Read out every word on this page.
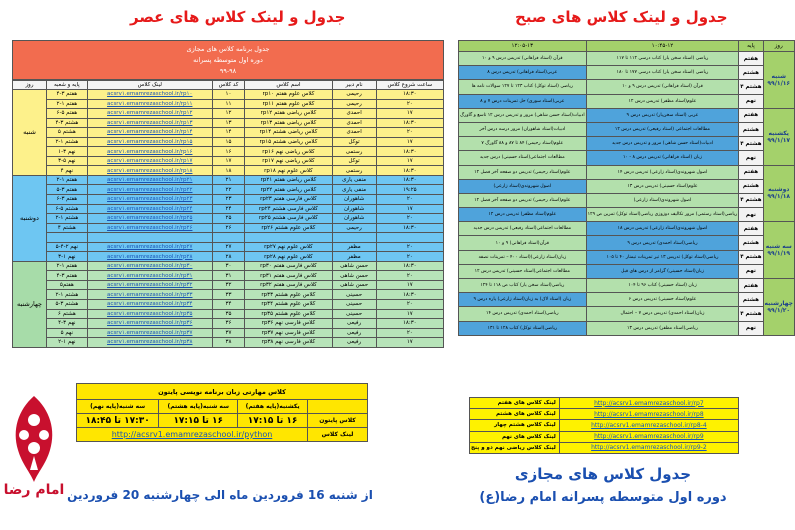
جدول و لینک کلاس های عصر	جدول و لینک کلاس های صبح
جدول برنامه کلاس های مجازی
دوره اول متوسطه پسرانه
۹۹-۹۸
ساعت شروع کلاس	نام دبیر	اسم کلاس	کد کلاس	لینک کلاس	پایه و شعبه	روز
۱۸:۳۰	رحیمی	کلاس علوم هفتم rp۱۰	۱۰	acsrv۱.emamrezaschool.ir/rp۱۰	هفتم ۳-۴	شنبه
۲۰	رحیمی	کلاس علوم هفتم rp۱۱	۱۱	acsrv۱.emamrezaschool.ir/rp۱۱	هفتم ۱-۲	
۱۷	احمدی	کلاس ریاضی هفتم rp۱۲	۱۲	acsrv۱.emamrezaschool.ir/rp۱۲	هفتم ۵-۶	
۱۸:۳۰	احمدی	کلاس ریاضی هفتم rp۱۳	۱۳	acsrv۱.emamrezaschool.ir/rp۱۳	هشتم ۳-۴	
۲۰	احمدی	کلاس ریاضی هشتم rp۱۴	۱۴	acsrv۱.emamrezaschool.ir/rp۱۴	هشتم ۵	
۱۷	توکل	کلاس ریاضی هشتم rp۱۵	۱۵	acsrv۱.emamrezaschool.ir/rp۱۵	هشتم ۱-۲	
۱۸:۳۰	رستمی	کلاس ریاضی نهم rp۱۶	۱۶	acsrv۱.emamrezaschool.ir/rp۱۶	نهم ۳-۱	
۱۷	توکل	کلاس ریاضی نهم rp۱۷	۱۷	acsrv۱.emamrezaschool.ir/rp۱۷	نهم ۵-۳	
۱۸:۳۰	رستمی	کلاس علوم نهم rp۱۸	۱۸	acsrv۱.emamrezaschool.ir/rp۱۸	نهم ۴	
۱۸:۳۰	منفی یاری	کلاس ریاضی هفتم rp۲۱	۲۱	acsrv۱.emamrezaschool.ir/rp۲۱	هفتم ۱-۲	دوشنبه
۱۹:۲۵	منفی یاری	کلاس ریاضی هفتم rp۲۲	۲۲	acsrv۱.emamrezaschool.ir/rp۲۲	هفتم ۳-۵	
۲۰	شاهوران	کلاس فارسی هفتم rp۲۳	۲۳	acsrv۱.emamrezaschool.ir/rp۲۳	هفتم ۳-۶	
۱۷	شاهوران	کلاس فارسی هشتم rp۲۴	۲۴	acsrv۱.emamrezaschool.ir/rp۲۴	هشتم ۵-۶	
۲۰	شاهوران	کلاس فارسی هشتم rp۲۵	۲۵	acsrv۱.emamrezaschool.ir/rp۲۵	هشتم ۱-۲	
۱۸:۳۰	رحیمی	کلاس علوم هشتم rp۲۶	۲۶	acsrv۱.emamrezaschool.ir/rp۲۶	هشتم ۴	

۲۰	مظفر	کلاس علوم نهم rp۲۷	۲۷	acsrv۱.emamrezaschool.ir/rp۲۷	نهم ۲-۴-۵	
۲۰	مظفر	کلاس علوم نهم rp۲۸	۲۸	acsrv۱.emamrezaschool.ir/rp۲۸	نهم ۱-۳	
۱۸:۳۰	حسن شاهی	کلاس فارسی هفتم rp۳۰	۳۰	acsrv۱.emamrezaschool.ir/rp۳۰	هفتم ۱-۲	چهارشنبه
۲۰	حسن شاهی	کلاس فارسی هفتم rp۳۱	۳۱	acsrv۱.emamrezaschool.ir/rp۳۱	هفتم ۳-۴	
۱۷	حسن شاهی	کلاس فارسی هفتم rp۳۲	۳۲	acsrv۱.emamrezaschool.ir/rp۳۲	هفتم۵	
۱۸:۳۰	حسینی	کلاس علوم هشتم rp۳۳	۳۳	acsrv۱.emamrezaschool.ir/rp۳۳	هشتم ۱-۲	
۲۰	حسینی	کلاس علوم هشتم rp۳۴	۳۴	acsrv۱.emamrezaschool.ir/rp۳۴	هشتم ۳-۵	
۱۷	حسینی	کلاس علوم هشتم rp۳۵	۳۵	acsrv۱.emamrezaschool.ir/rp۳۵	هشتم ۶	
۱۸:۳۰	رفیعی	کلاس فارسی نهم rp۳۶	۳۶	acsrv۱.emamrezaschool.ir/rp۳۶	نهم ۳-۴	
۲۰	رفیعی	کلاس فارسی نهم rp۳۷	۳۷	acsrv۱.emamrezaschool.ir/rp۳۷	نهم ۵	
۱۷	رفیعی	کلاس فارسی نهم rp۳۸	۳۸	acsrv۱.emamrezaschool.ir/rp۳۸	نهم ۱-۲	
روز	پایه	۱۰:۴۵-۱۲	۱۲:۰۵-۱۳
شنبه ۹۹/۱/۱۶	هفتم	ریاضی (استاد سخن یار) کتاب درسی ۱۱۲ تا ۱۱۷	قرآن (استاد فراهانی) تدریس درس ۹ و ۱۰
	هشتم	ریاضی (استاد سخن یار) کتاب درسی ۱۷۷ تا ۱۸۰	عربی(استاد فراهانی) تدریس درس ۸
	هشتم ۴	قرآن (استاد فراهانی) تدریس درس ۹ و ۱۰	ریاضی (استاد توکل) کتاب ۱۲۳ تا ۱۲۷ سوالات نامه ها
	نهم	علوم(استاد مظفر) تدریس درس ۱۲	عربی(استاد سوری) حل تمرینات درس ۷ و ۸
یکشنبه ۹۹/۱/۱۷	هفتم	عربی (استاد سخن‌یار) تدریس درس ۹	ادبیات(استاد حسن شاهی) مرور و تدریس درس ۱۲ تاسع و گاورگ
	هشتم	مطالعات اجتماعی (استاد رفیعی) تدریس درس ۱۲	ادبیات(استاد شاهوران) مرور درسه درس آخر
	هشتم ۴	ادبیات(استاد حسن شاهی) مرور و تدریس درس جدید	علوم(استاد رحیمی) ۸۴ تا ۸۷ و ۸۸ گاورگ ۷
	نهم	زبان (استاد فراهانی) تدریس درس ۸ - ۱۰	مطالعات اجتماعی(استاد حسینی) درس جدید
دوشنبه ۹۹/۱/۱۸	هفتم	اصول شهروندی(استاد زارعی) تدریس درس ۱۴	علوم(استاد رحیمی) تدریس دو صفحه آخر فصل ۱۲
	هشتم	علوم(استاد حسینی) تدریس درس ۱۳	اصول شهروندی(استاد زارعی)
	هشتم ۴	اصول شهروندی(استاد زارعی)	علوم(استاد رحیمی) تدریس دو صفحه آخر فصل ۱۲
	نهم	ریاضی(استاد رستمی) مرور تکالیف دوزوزی ریاضی(استاد توکل) تمرین ص ۱۲۹	علوم(استاد مظفر) تدریس درس ۱۲
سه شنبه ۹۹/۱/۱۹	هفتم	اصول شهروندی(استاد زارعی) تدریس درس ۱۸	مطالعات اجتماعی(استاد رفیعی) تدریس درس جدید
	هشتم	ریاضی(استاد احمدی) تدریس درس ۹	قرآن(استاد فراهانی) ۹ و ۱۰
	هشتم ۴	ریاضی(استاد توکل) تدریس ۱۳ تیر تمرینات تیمتار ۴۰ تا ۱۰۵	زبان(استاد زارعی)(استاد ۴۰۰ – تمرینات نصفه
	نهم	زبان(استاد حسینی) گرامر از درس های قبل	مطالعات اجتماعی(استاد حسینی) تدریس درس ۱۲
چهارشنبه ۹۹/۱/۲۰	هفتم	زبان (استاد حسینی) کتاب ۹۶ تا ۱۰۴	ریاضی(استاد سخن یار) کتاب ص ۱۱۸ تا ۱۲۴
	هشتم	علوم(استاد حسینی) تدریس درس ۶	زبان (استاد لاک) به زبان(استاد زارعی) پاره درس ۹
	هشتم ۴	زبان(استاد احمدی) تدریس درس ۷ – احتمال	ریاضی(استاد احمدی) تدریس درس ۱۴
	نهم	ریاضی(استاد مظفر) تدریس درس ۱۳	ریاضی(استاد توکل) کتاب ۱۲۸ تا ۱۳۱
http://acsrv1.emamrezaschool.ir/rp7	لینک کلاس های هفتم
http://acsrv1.emamrezaschool.ir/rp8	لینک کلاس های هشتم
http://acsrv1.emamrezaschool.ir/rp8-4	لینک کلاس هشتم چهار
http://acsrv1.emamrezaschool.ir/rp9	لینک کلاس های نهم
http://acsrv1.emamrezaschool.ir/rp9-2	لینک کلاس ریاضی نهم دو و پنج
کلاس مهارتی زبان برنامه نویسی پایتون			
	یکشنبه(پایه هفتم)	سه شنبه(پایه هشتم)	سه شنبه(پایه نهم)
کلاس پایتون	۱۶ تا ۱۷:۱۵	۱۶ تا ۱۷:۱۵	۱۷:۳۰ تا ۱۸:۴۵
لینک کلاس	http://acsrv1.emamrezaschool.ir/python		
امام رضا از شنبه 16 فروردین ماه الی چهارشنبه 20 فروردین
جدول کلاس های مجازی
دوره اول متوسطه پسرانه امام رضا(ع)
